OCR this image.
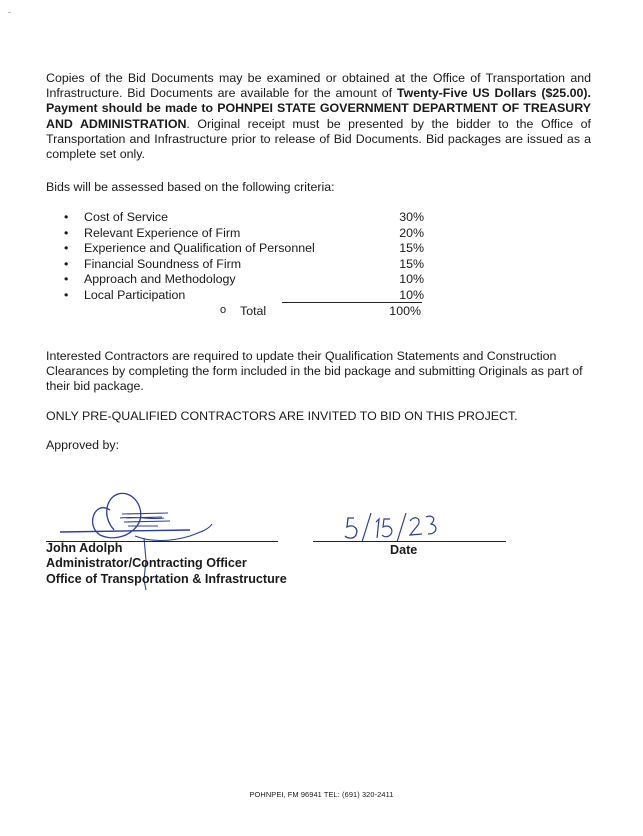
Copies of the Bid Documents may be examined or obtained at the Office of Transportation and Infrastructure. Bid Documents are available for the amount of Twenty-Five US Dollars ($25.00). Payment should be made to POHNPEI STATE GOVERNMENT DEPARTMENT OF TREASURY AND ADMINISTRATION. Original receipt must be presented by the bidder to the Office of Transportation and Infrastructure prior to release of Bid Documents. Bid packages are issued as a complete set only.
Bids will be assessed based on the following criteria:
• Cost of Service	30%
• Relevant Experience of Firm	20%
• Experience and Qualification of Personnel	15%
• Financial Soundness of Firm	15%
• Approach and Methodology	10%
• Local Participation	10%
o Total	100%
Interested Contractors are required to update their Qualification Statements and Construction Clearances by completing the form included in the bid package and submitting Originals as part of their bid package.
ONLY PRE-QUALIFIED CONTRACTORS ARE INVITED TO BID ON THIS PROJECT.
Approved by:
John Adolph
Administrator/Contracting Officer
Office of Transportation & Infrastructure
Date
POHNPEI, FM 96941 TEL: (691) 320-2411
